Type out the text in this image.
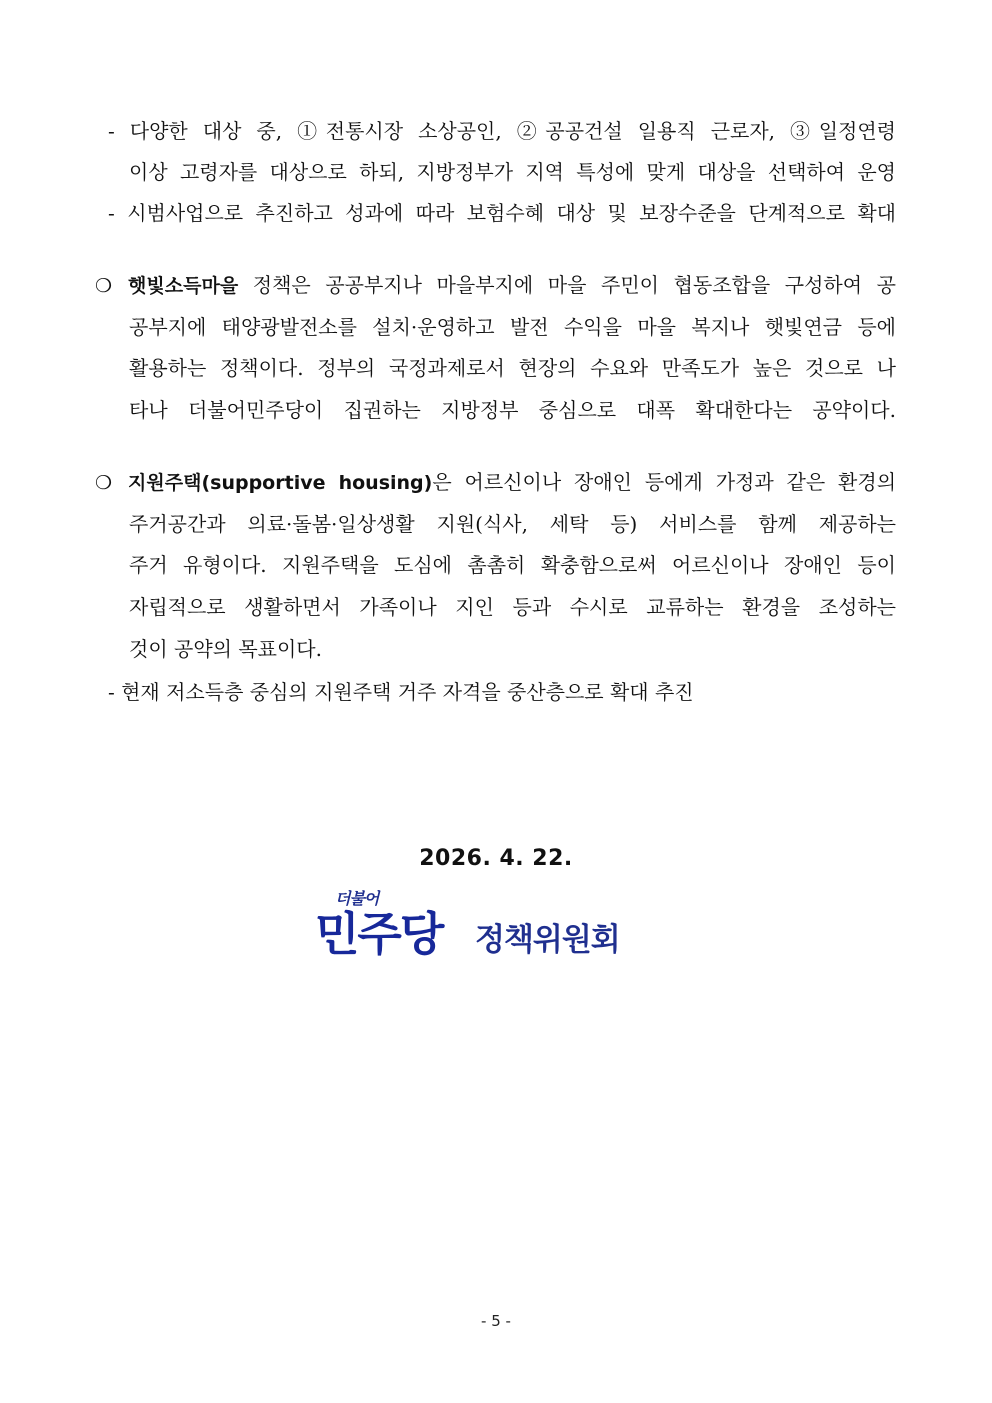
- 다양한 대상 중, ①전통시장 소상공인, ②공공건설 일용직 근로자, ③일정연령
이상 고령자를 대상으로 하되, 지방정부가 지역 특성에 맞게 대상을 선택하여 운영
- 시범사업으로 추진하고 성과에 따라 보험수혜 대상 및 보장수준을 단계적으로 확대
❍ 햇빛소득마을 정책은 공공부지나 마을부지에 마을 주민이 협동조합을 구성하여 공
공부지에 태양광발전소를 설치·운영하고 발전 수익을 마을 복지나 햇빛연금 등에
활용하는 정책이다. 정부의 국정과제로서 현장의 수요와 만족도가 높은 것으로 나
타나 더불어민주당이 집권하는 지방정부 중심으로 대폭 확대한다는 공약이다.
❍ 지원주택(supportive housing)은 어르신이나 장애인 등에게 가정과 같은 환경의
주거공간과 의료·돌봄·일상생활 지원(식사, 세탁 등) 서비스를 함께 제공하는
주거 유형이다. 지원주택을 도심에 촘촘히 확충함으로써 어르신이나 장애인 등이
자립적으로 생활하면서 가족이나 지인 등과 수시로 교류하는 환경을 조성하는
것이 공약의 목표이다.
- 현재 저소득층 중심의 지원주택 거주 자격을 중산층으로 확대 추진
2026. 4. 22.
더불어
민주당 정책위원회
- 5 -
